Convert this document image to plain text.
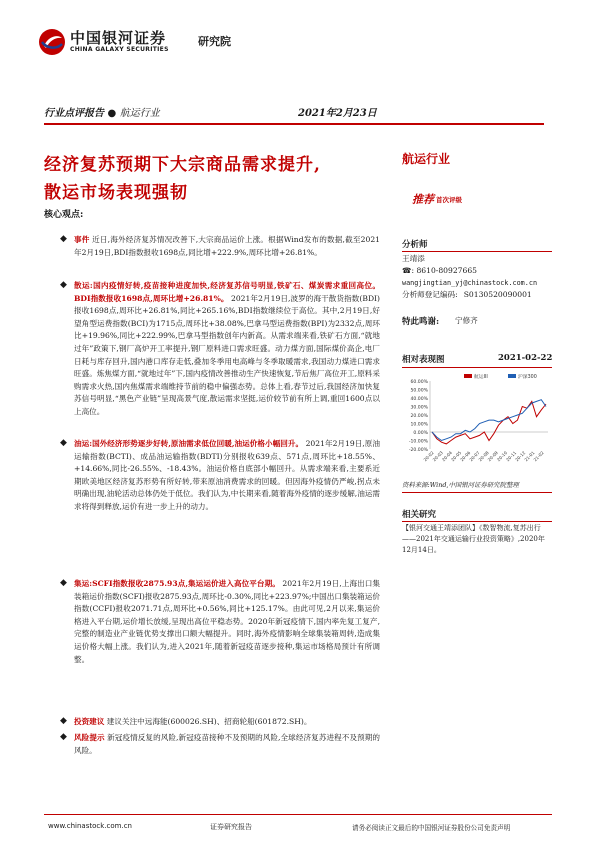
中国银河证券
CHINA GALAXY SECURITIES
研究院
行业点评报告 ● 航运行业	2021年2月23日
经济复苏预期下大宗商品需求提升,
散运市场表现强韧
核心观点:
◆ 事件 近日,海外经济复苏情况改善下,大宗商品运价上涨。根据Wind发布的数据,截至2021年2月19日,BDI指数报收1698点,同比增+222.9%,周环比增+26.81%。
◆ 散运:国内疫情好转,疫苗接种进度加快,经济复苏信号明显,铁矿石、煤炭需求重回高位。BDI指数报收1698点,周环比增+26.81%。 2021年2月19日,波罗的海干散货指数(BDI)报收1698点,周环比+26.81%,同比+265.16%,BDI指数继续位于高位。其中,2月19日,好望角型运费指数(BCI)为1715点,周环比+38.08%,巴拿马型运费指数(BPI)为2332点,周环比+19.96%,同比+222.99%,巴拿马型指数创年内新高。从需求端来看,铁矿石方面,“就地过年”政策下,钢厂高炉开工率提升,钢厂原料进口需求旺盛。动力煤方面,国际煤价高企,电厂日耗与库存回升,国内港口库存走低,叠加冬季用电高峰与冬季取暖需求,我国动力煤进口需求旺盛。炼焦煤方面,“就地过年”下,国内疫情改善推动生产快速恢复,节后焦厂高位开工,原料采购需求火热,国内焦煤需求端维持节前的稳中偏强态势。总体上看,春节过后,我国经济加快复苏信号明显,“黑色产业链”呈现高景气度,散运需求坚挺,运价较节前有所上调,重回1600点以上高位。
◆ 油运:国外经济形势逐步好转,原油需求低位回暖,油运价格小幅回升。 2021年2月19日,原油运输指数(BCTI)、成品油运输指数(BDTI)分别报收639点、571点,周环比+18.55%、+14.66%,同比-26.55%、-18.43%。油运价格自底部小幅回升。从需求端来看,主要系近期欧美地区经济复苏形势有所好转,带来原油消费需求的回暖。但因海外疫情仍严峻,拐点未明确出现,油轮活动总体仍处于低位。我们认为,中长期来看,随着海外疫情的逐步缓解,油运需求将得到释放,运价有进一步上升的动力。
◆ 集运:SCFI指数报收2875.93点,集运运价进入高位平台期。 2021年2月19日,上海出口集装箱运价指数(SCFI)报收2875.93点,周环比-0.30%,同比+223.97%;中国出口集装箱运价指数(CCFI)报收2071.71点,周环比+0.56%,同比+125.17%。由此可见,2月以来,集运价格进入平台期,运价增长放缓,呈现出高位平稳态势。2020年新冠疫情下,国内率先复工复产,完整的制造业产业链优势支撑出口额大幅提升。同时,海外疫情影响全球集装箱周转,造成集运价格大幅上涨。我们认为,进入2021年,随着新冠疫苗逐步接种,集运市场格局预计有所调整。
◆ 投资建议 建议关注中远海能(600026.SH)、招商轮船(601872.SH)。
◆ 风险提示 新冠疫情反复的风险,新冠疫苗接种不及预期的风险,全球经济复苏进程不及预期的风险。
航运行业
推荐 首次评级
分析师
王靖添
☎: 8610-80927665
wangjingtian_yj@chinastock.com.cn
分析师登记编码: S0130520090001
特此鸣谢: 宁修齐
相对表现图	2021-02-22
60.00%
50.00%
40.00%
30.00%
20.00%
10.00%
0.00%
-10.00%
-20.00%
20-02
20-03
20-04
20-05
20-06
20-07
20-08
20-09
20-10
20-11
20-12
21-01
21-02
航运III	沪深300
资料来源:Wind,中国银河证券研究院整理
相关研究
【银河交通王靖添团队】《数智物流,复苏出行——2021年交通运输行业投资策略》,2020年12月14日。
www.chinastock.com.cn	证券研究报告	请务必阅读正文最后的中国银河证券股份公司免责声明
